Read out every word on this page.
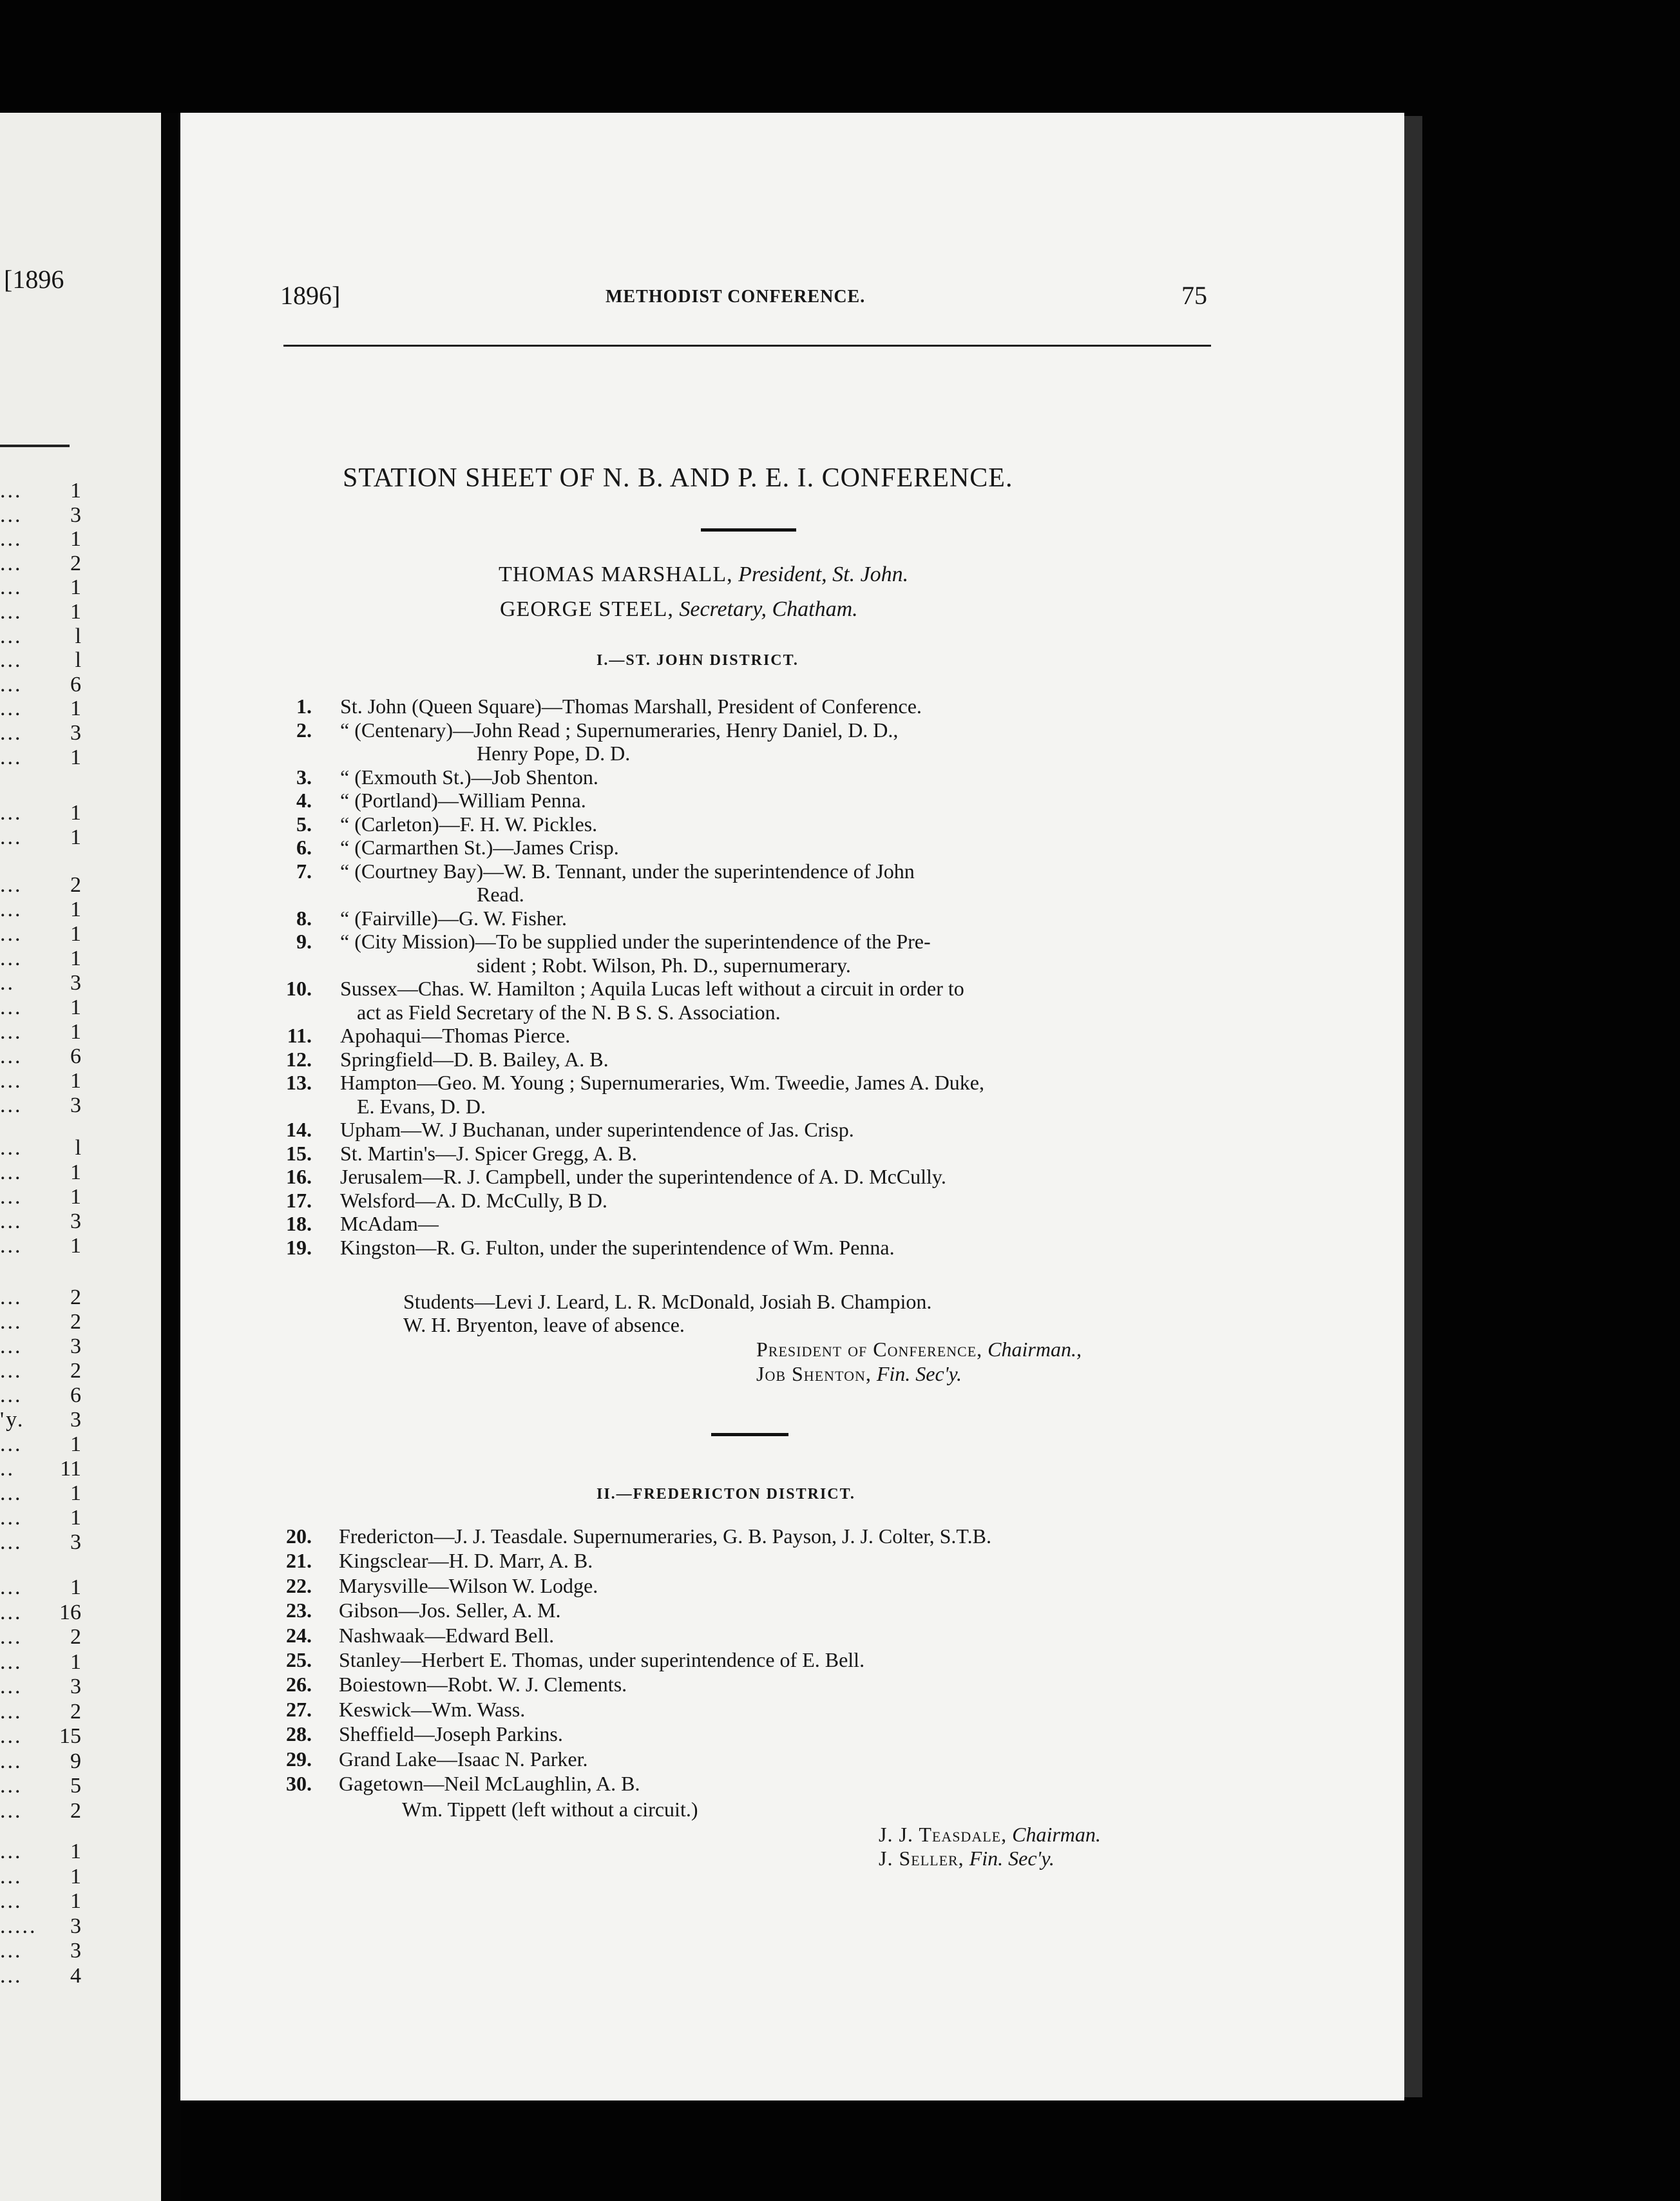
[1896
... 1
... 3
... 1
... 2
... 1
... 1
... l
... l
... 6
... 1
... 3
... 1
... 1
... 1
... 2
... 1
... 1
... 1
..	3
... 1
... 1
... 6
... 1
... 3
... l
... 1
... 1
... 3
... 1
... 2
... 2
... 3
... 2
... 6
'y. 3
... 1
.. 11
... 1
... 1
... 3
... 1
... 16
... 2
... 1
... 3
... 2
... 15
... 9
... 5
... 2
... 1
... 1
... 1
..... 3
... 3
... 4
1896]	METHODIST CONFERENCE.	75
STATION SHEET OF N. B. AND P. E. I. CONFERENCE.
THOMAS MARSHALL, President, St. John.
GEORGE STEEL, Secretary, Chatham.
I.—ST. JOHN DISTRICT.
1. St. John (Queen Square)—Thomas Marshall, President of Conference.
2. “ (Centenary)—John Read ; Supernumeraries, Henry Daniel, D. D.,
Henry Pope, D. D.
3. “ (Exmouth St.)—Job Shenton.
4. “ (Portland)—William Penna.
5. “ (Carleton)—F. H. W. Pickles.
6. “ (Carmarthen St.)—James Crisp.
7. “ (Courtney Bay)—W. B. Tennant, under the superintendence of John
Read.
8. “ (Fairville)—G. W. Fisher.
9. “ (City Mission)—To be supplied under the superintendence of the Pre-
sident ; Robt. Wilson, Ph. D., supernumerary.
10. Sussex—Chas. W. Hamilton ; Aquila Lucas left without a circuit in order to
act as Field Secretary of the N. B S. S. Association.
11. Apohaqui—Thomas Pierce.
12. Springfield—D. B. Bailey, A. B.
13. Hampton—Geo. M. Young ; Supernumeraries, Wm. Tweedie, James A. Duke,
E. Evans, D. D.
14. Upham—W. J Buchanan, under superintendence of Jas. Crisp.
15. St. Martin's—J. Spicer Gregg, A. B.
16. Jerusalem—R. J. Campbell, under the superintendence of A. D. McCully.
17. Welsford—A. D. McCully, B D.
18. McAdam—
19. Kingston—R. G. Fulton, under the superintendence of Wm. Penna.
Students—Levi J. Leard, L. R. McDonald, Josiah B. Champion.
W. H. Bryenton, leave of absence.
President of Conference, Chairman.,
Job Shenton, Fin. Sec'y.
II.—FREDERICTON DISTRICT.
20. Fredericton—J. J. Teasdale. Supernumeraries, G. B. Payson, J. J. Colter, S.T.B.
21. Kingsclear—H. D. Marr, A. B.
22. Marysville—Wilson W. Lodge.
23. Gibson—Jos. Seller, A. M.
24. Nashwaak—Edward Bell.
25. Stanley—Herbert E. Thomas, under superintendence of E. Bell.
26. Boiestown—Robt. W. J. Clements.
27. Keswick—Wm. Wass.
28. Sheffield—Joseph Parkins.
29. Grand Lake—Isaac N. Parker.
30. Gagetown—Neil McLaughlin, A. B.
Wm. Tippett (left without a circuit.)
J. J. Teasdale, Chairman.
J. Seller, Fin. Sec'y.
